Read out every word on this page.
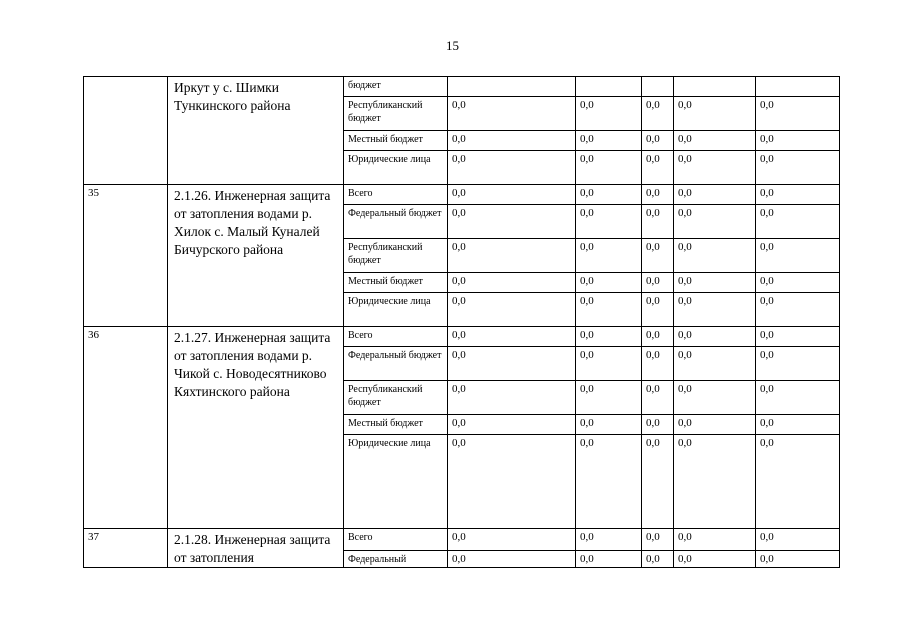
15
	Иркут у с. Шимки Тункинского района	бюджет					
		Республиканский бюджет	0,0	0,0	0,0	0,0	0,0
		Местный бюджет	0,0	0,0	0,0	0,0	0,0
		Юридические лица	0,0	0,0	0,0	0,0	0,0
35	2.1.26. Инженерная защита от затопления водами р. Хилок с. Малый Куналей Бичурского района	Всего	0,0	0,0	0,0	0,0	0,0
		Федеральный бюджет	0,0	0,0	0,0	0,0	0,0
		Республиканский бюджет	0,0	0,0	0,0	0,0	0,0
		Местный бюджет	0,0	0,0	0,0	0,0	0,0
		Юридические лица	0,0	0,0	0,0	0,0	0,0
36	2.1.27. Инженерная защита от затопления водами р. Чикой с. Новодесятниково Кяхтинского района	Всего	0,0	0,0	0,0	0,0	0,0
		Федеральный бюджет	0,0	0,0	0,0	0,0	0,0
		Республиканский бюджет	0,0	0,0	0,0	0,0	0,0
		Местный бюджет	0,0	0,0	0,0	0,0	0,0
		Юридические лица	0,0	0,0	0,0	0,0	0,0
37	2.1.28. Инженерная защита от затопления	Всего	0,0	0,0	0,0	0,0	0,0
		Федеральный	0,0	0,0	0,0	0,0	0,0
